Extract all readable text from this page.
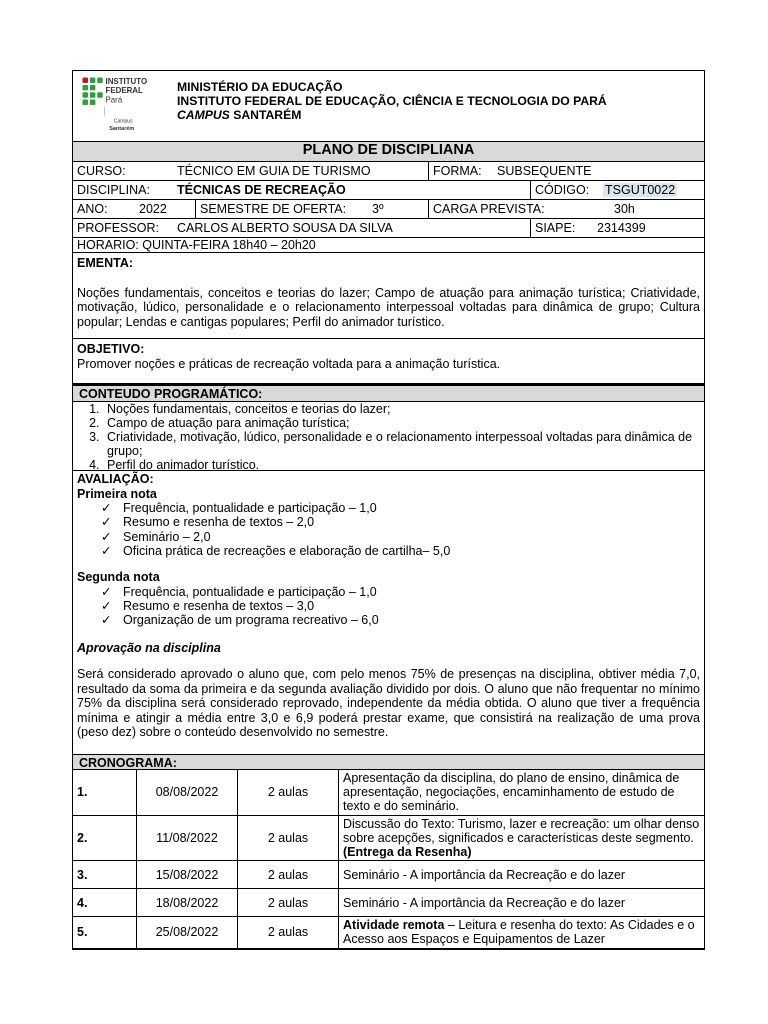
INSTITUTO
FEDERAL
Pará
Campus
Santarém
MINISTÉRIO DA EDUCAÇÃO
INSTITUTO FEDERAL DE EDUCAÇÃO, CIÊNCIA E TECNOLOGIA DO PARÁ
CAMPUS SANTARÉM
PLANO DE DISCIPLIANA
CURSO:	TÉCNICO EM GUIA DE TURISMO	FORMA:	SUBSEQUENTE
DISCIPLINA:	TÉCNICAS DE RECREAÇÃO	CÓDIGO:	TSGUT0022
ANO:	2022	SEMESTRE DE OFERTA:	3º	CARGA PREVISTA:	30h
PROFESSOR:	CARLOS ALBERTO SOUSA DA SILVA	SIAPE:	2314399
HORARIO: QUINTA-FEIRA 18h40 – 20h20
EMENTA:
Noções fundamentais, conceitos e teorias do lazer; Campo de atuação para animação turística; Criatividade, motivação, lúdico, personalidade e o relacionamento interpessoal voltadas para dinâmica de grupo; Cultura popular; Lendas e cantigas populares; Perfil do animador turístico.
OBJETIVO:
Promover noções e práticas de recreação voltada para a animação turística.
CONTEUDO PROGRAMÁTICO:
1. Noções fundamentais, conceitos e teorias do lazer;
2. Campo de atuação para animação turística;
3. Criatividade, motivação, lúdico, personalidade e o relacionamento interpessoal voltadas para dinâmica de grupo;
4. Perfil do animador turístico.
AVALIAÇÃO:
Primeira nota
✓ Frequência, pontualidade e participação – 1,0
✓ Resumo e resenha de textos – 2,0
✓ Seminário – 2,0
✓ Oficina prática de recreações e elaboração de cartilha– 5,0
Segunda nota
✓ Frequência, pontualidade e participação – 1,0
✓ Resumo e resenha de textos – 3,0
✓ Organização de um programa recreativo – 6,0
Aprovação na disciplina
Será considerado aprovado o aluno que, com pelo menos 75% de presenças na disciplina, obtiver média 7,0, resultado da soma da primeira e da segunda avaliação dividido por dois. O aluno que não frequentar no mínimo 75% da disciplina será considerado reprovado, independente da média obtida. O aluno que tiver a frequência mínima e atingir a média entre 3,0 e 6,9 poderá prestar exame, que consistirá na realização de uma prova (peso dez) sobre o conteúdo desenvolvido no semestre.
CRONOGRAMA:
1.	08/08/2022	2 aulas	Apresentação da disciplina, do plano de ensino, dinâmica de apresentação, negociações, encaminhamento de estudo de texto e do seminário.
2.	11/08/2022	2 aulas	Discussão do Texto: Turismo, lazer e recreação: um olhar denso sobre acepções, significados e características deste segmento. (Entrega da Resenha)
3.	15/08/2022	2 aulas	Seminário - A importância da Recreação e do lazer
4.	18/08/2022	2 aulas	Seminário - A importância da Recreação e do lazer
5.	25/08/2022	2 aulas	Atividade remota – Leitura e resenha do texto: As Cidades e o Acesso aos Espaços e Equipamentos de Lazer
